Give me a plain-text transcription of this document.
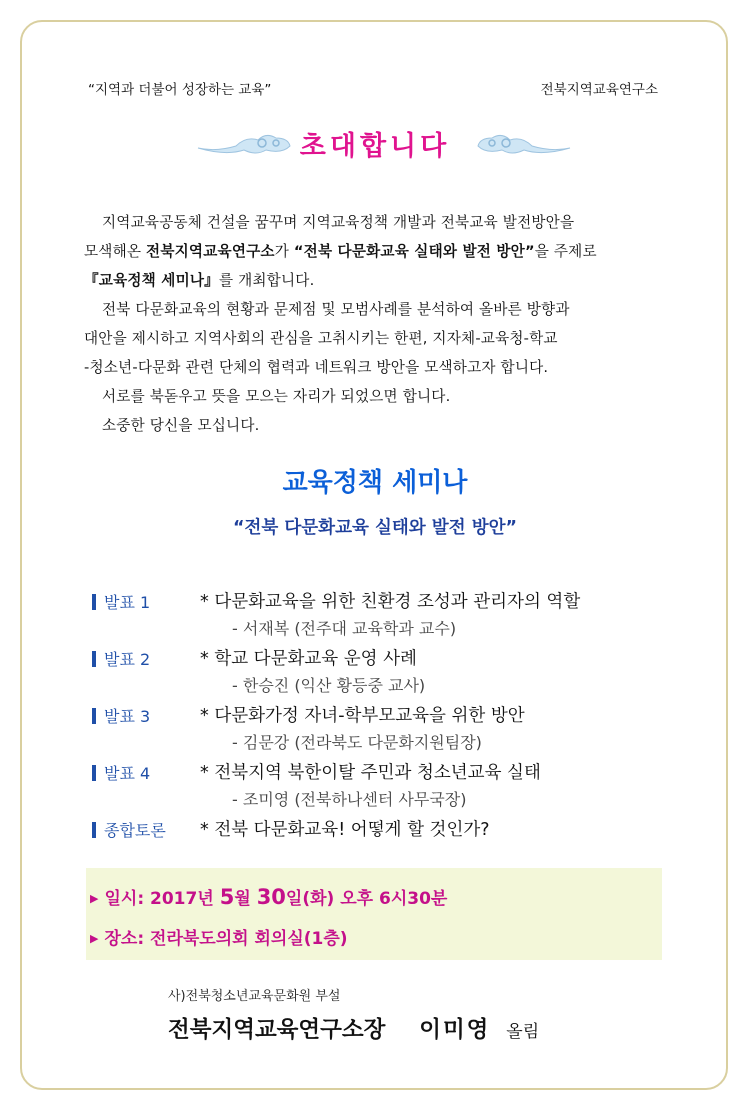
“지역과 더불어 성장하는 교육”	전북지역교육연구소
초대합니다

지역교육공동체 건설을 꿈꾸며 지역교육정책 개발과 전북교육 발전방안을

모색해온 전북지역교육연구소가 “전북 다문화교육 실태와 발전 방안”을 주제로

『교육정책 세미나』를 개최합니다.

전북 다문화교육의 현황과 문제점 및 모범사례를 분석하여 올바른 방향과

대안을 제시하고 지역사회의 관심을 고취시키는 한편, 지자체-교육청-학교

-청소년-다문화 관련 단체의 협력과 네트워크 방안을 모색하고자 합니다.

서로를 북돋우고 뜻을 모으는 자리가 되었으면 합니다.

소중한 당신을 모십니다.

교육정책 세미나
“전북 다문화교육 실태와 발전 방안”
발표 1	* 다문화교육을 위한 친환경 조성과 관리자의 역할
- 서재복 (전주대 교육학과 교수)
발표 2	* 학교 다문화교육 운영 사례
- 한승진 (익산 황등중 교사)
발표 3	* 다문화가정 자녀-학부모교육을 위한 방안
- 김문강 (전라북도 다문화지원팀장)
발표 4	* 전북지역 북한이탈 주민과 청소년교육 실태
- 조미영 (전북하나센터 사무국장)
종합토론 * 전북 다문화교육! 어떻게 할 것인가?
▶ 일시: 2017년 5월 30일(화) 오후 6시30분
▶ 장소: 전라북도의회 회의실(1층)
사)전북청소년교육문화원 부설
전북지역교육연구소장 이미영 올림
